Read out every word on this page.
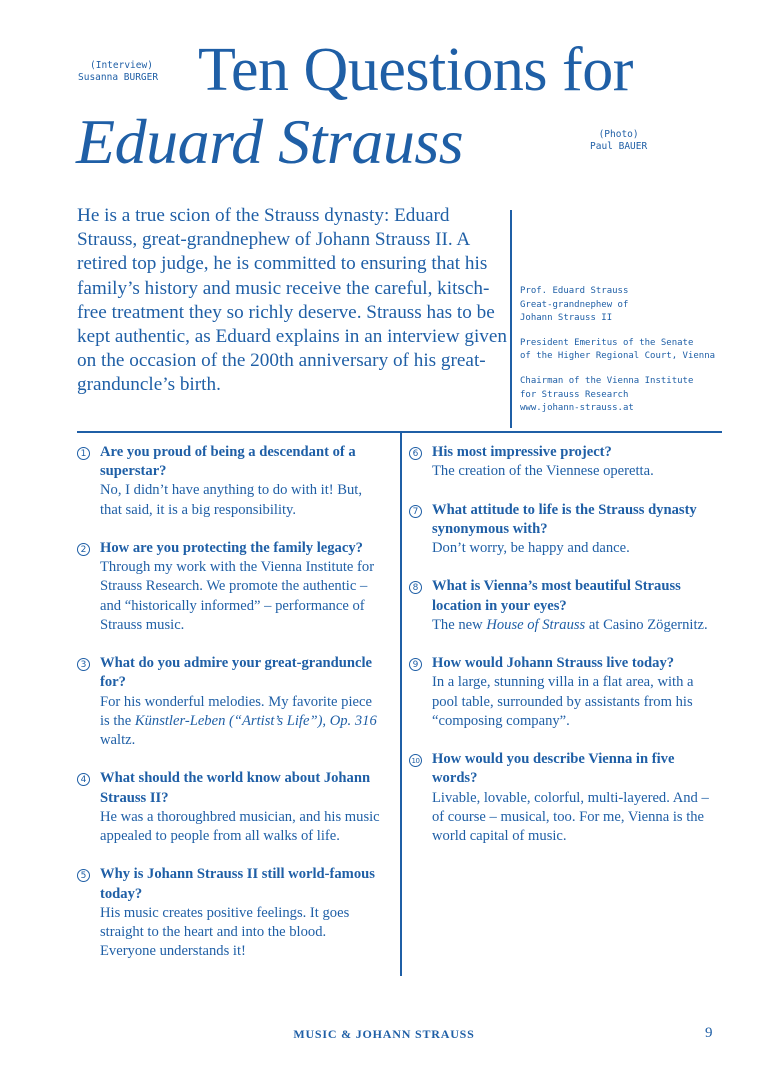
(Interview)
Susanna BURGER
(Photo)
Paul BAUER
Ten Questions for
Eduard Strauss

He is a true scion of the Strauss dynasty: Eduard Strauss, great-grandnephew of Johann Strauss II. A retired top judge, he is committed to ensuring that his family’s history and music receive the careful, kitsch-free treatment they so richly deserve. Strauss has to be kept authentic, as Eduard explains in an interview given on the occasion of the 200th anniversary of his great-granduncle’s birth.

Prof. Eduard Strauss
Great-grandnephew of
Johann Strauss II

President Emeritus of the Senate
of the Higher Regional Court, Vienna

Chairman of the Vienna Institute
for Strauss Research
www.johann-strauss.at

1 Are you proud of being a descendant of a superstar?
No, I didn’t have anything to do with it! But, that said, it is a big responsibility.
2 How are you protecting the family legacy?
Through my work with the Vienna Institute for Strauss Research. We promote the authentic – and “historically informed” – performance of Strauss music.
3 What do you admire your great-granduncle for?
For his wonderful melodies. My favorite piece is the Künstler-Leben (“Artist’s Life”), Op. 316 waltz.
4 What should the world know about Johann Strauss II?
He was a thoroughbred musician, and his music appealed to people from all walks of life.
5 Why is Johann Strauss II still world-famous today?
His music creates positive feelings. It goes straight to the heart and into the blood. Everyone understands it!
6 His most impressive project?
The creation of the Viennese operetta.
7 What attitude to life is the Strauss dynasty synonymous with?
Don’t worry, be happy and dance.
8 What is Vienna’s most beautiful Strauss location in your eyes?
The new House of Strauss at Casino Zögernitz.
9 How would Johann Strauss live today?
In a large, stunning villa in a flat area, with a pool table, surrounded by assistants from his “composing company”.
10 How would you describe Vienna in five words?
Livable, lovable, colorful, multi-layered. And – of course – musical, too. For me, Vienna is the world capital of music.
MUSIC & JOHANN STRAUSS	9
